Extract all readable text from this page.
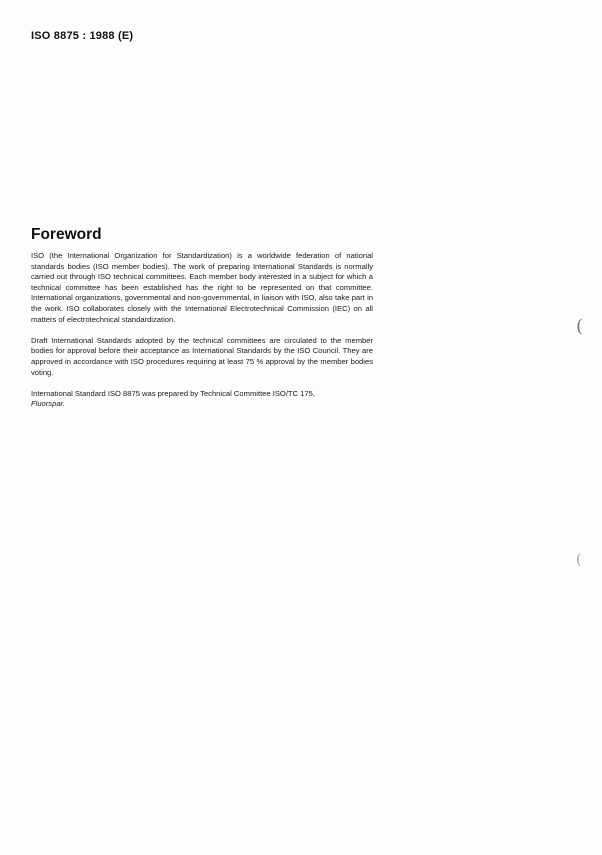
ISO 8875 : 1988 (E)
Foreword

ISO (the International Organization for Standardization) is a worldwide federation of national standards bodies (ISO member bodies). The work of preparing International Standards is normally carried out through ISO technical committees. Each member body interested in a subject for which a technical committee has been established has the right to be represented on that committee. International organizations, governmental and non-governmental, in liaison with ISO, also take part in the work. ISO collaborates closely with the International Electrotechnical Commission (IEC) on all matters of electrotechnical standardization.

Draft International Standards adopted by the technical committees are circulated to the member bodies for approval before their acceptance as International Standards by the ISO Council. They are approved in accordance with ISO procedures requiring at least 75 % approval by the member bodies voting.

International Standard ISO 8875 was prepared by Technical Committee ISO/TC 175,
Fluorspar.

(
(
